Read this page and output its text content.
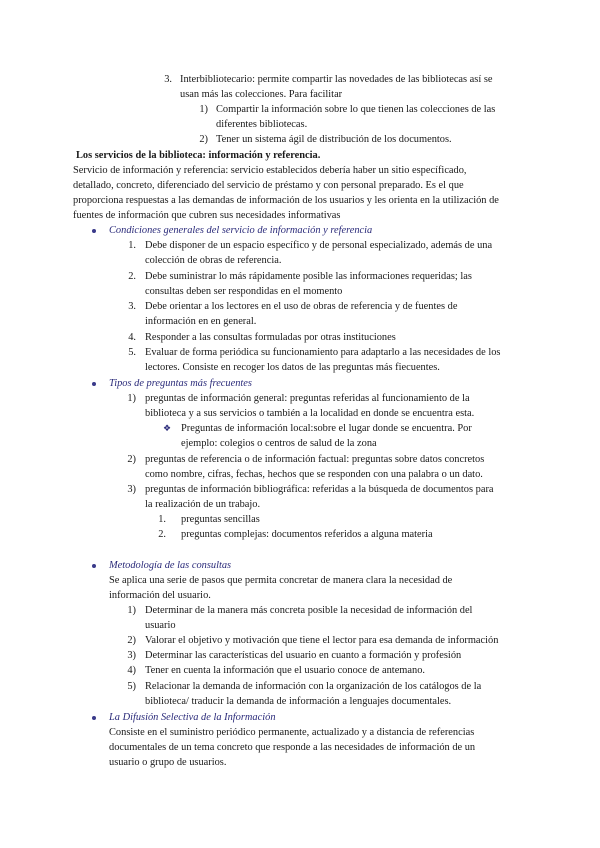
3. Interbibliotecario: permite compartir las novedades de las bibliotecas así se
usan más las colecciones. Para facilitar
1) Compartir la información sobre lo que tienen las colecciones de las
diferentes bibliotecas.
2) Tener un sistema ágil de distribución de los documentos.
Los servicios de la biblioteca: información y referencia.
Servicio de información y referencia: servicio establecidos debería haber un sitio específicado,
detallado, concreto, diferenciado del servicio de préstamo y con personal preparado. Es el que
proporciona respuestas a las demandas de información de los usuarios y les orienta en la utilización de
fuentes de información que cubren sus necesidades informativas
Condiciones generales del servicio de información y referencia
1. Debe disponer de un espacio específico y de personal especializado, además de una
colección de obras de referencia.
2. Debe suministrar lo más rápidamente posible las informaciones requeridas; las
consultas deben ser respondidas en el momento
3. Debe orientar a los lectores en el uso de obras de referencia y de fuentes de
información en en general.
4. Responder a las consultas formuladas por otras instituciones
5. Evaluar de forma periódica su funcionamiento para adaptarlo a las necesidades de los
lectores. Consiste en recoger los datos de las preguntas más fiecuentes.
Tipos de preguntas más frecuentes
1) preguntas de información general: preguntas referidas al funcionamiento de la
biblioteca y a sus servicios o también a la localidad en donde se encuentra esta.
❖ Preguntas de información local:sobre el lugar donde se encuentra. Por
ejemplo: colegios o centros de salud de la zona
2) preguntas de referencia o de información factual: preguntas sobre datos concretos
como nombre, cifras, fechas, hechos que se responden con una palabra o un dato.
3) preguntas de información bibliográfica: referidas a la búsqueda de documentos para
la realización de un trabajo.
1. preguntas sencillas
2. preguntas complejas: documentos referidos a alguna materia
Metodología de las consultas
Se aplica una serie de pasos que permita concretar de manera clara la necesidad de
información del usuario.
1) Determinar de la manera más concreta posible la necesidad de información del
usuario
2) Valorar el objetivo y motivación que tiene el lector para esa demanda de información
3) Determinar las características del usuario en cuanto a formación y profesión
4) Tener en cuenta la información que el usuario conoce de antemano.
5) Relacionar la demanda de información con la organización de los catálogos de la
biblioteca/ traducir la demanda de información a lenguajes documentales.
La Difusión Selectiva de la Información
Consiste en el suministro periódico permanente, actualizado y a distancia de referencias
documentales de un tema concreto que responde a las necesidades de información de un
usuario o grupo de usuarios.
